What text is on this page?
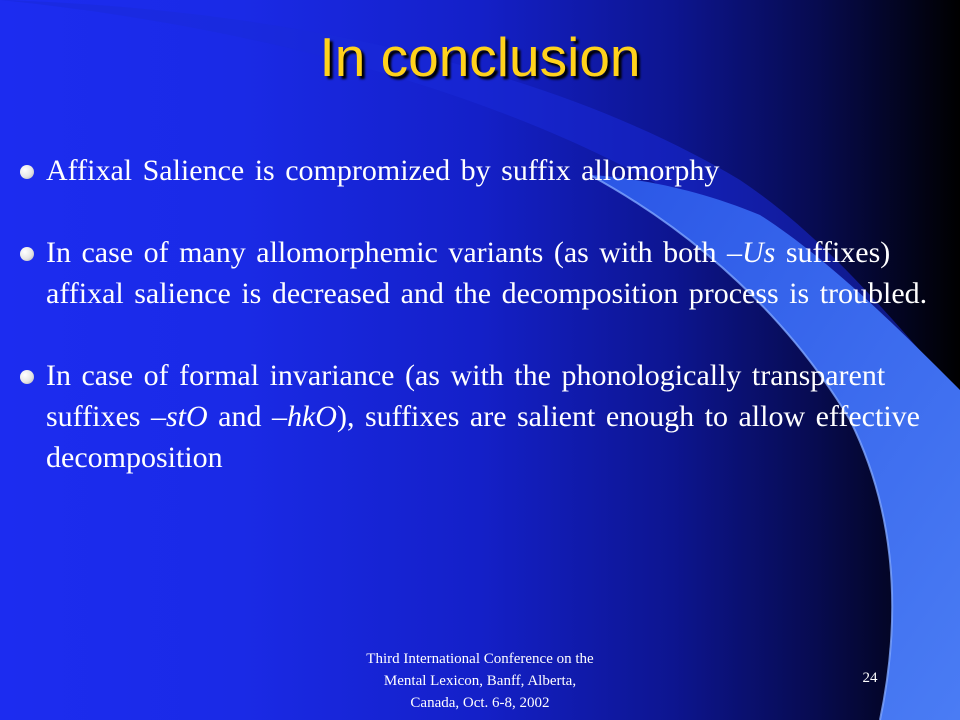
In conclusion
Affixal Salience is compromized by suffix allomorphy
In case of many allomorphemic variants (as with both –Us suffixes) affixal salience is decreased and the decomposition process is troubled.
In case of formal invariance (as with the phonologically transparent suffixes –stO and –hkO), suffixes are salient enough to allow effective decomposition
Third International Conference on the
Mental Lexicon, Banff, Alberta,
Canada, Oct. 6-8, 2002
24
